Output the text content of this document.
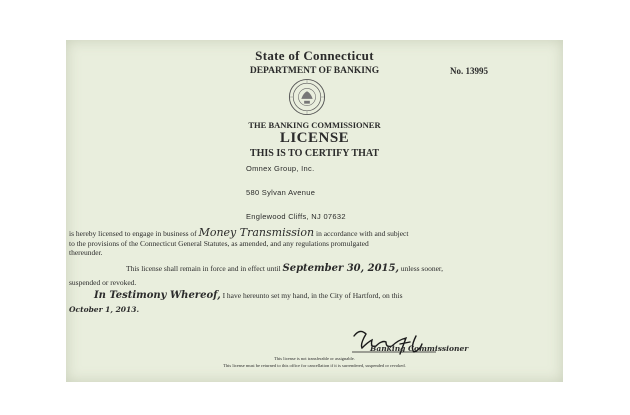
State of Connecticut
DEPARTMENT OF BANKING	No. 13995
THE BANKING COMMISSIONER
LICENSE
THIS IS TO CERTIFY THAT
Omnex Group, Inc.
580 Sylvan Avenue
Englewood Cliffs, NJ 07632
is hereby licensed to engage in business of Money Transmission in accordance with and subject
to the provisions of the Connecticut General Statutes, as amended, and any regulations promulgated
thereunder.
This license shall remain in force and in effect until September 30, 2015, unless sooner,
suspended or revoked.
In Testimony Whereof, I have hereunto set my hand, in the City of Hartford, on this
October 1, 2013.
Banking Commissioner
This license is not transferable or assignable.
This license must be returned to this office for cancellation if it is surrendered, suspended or revoked.
